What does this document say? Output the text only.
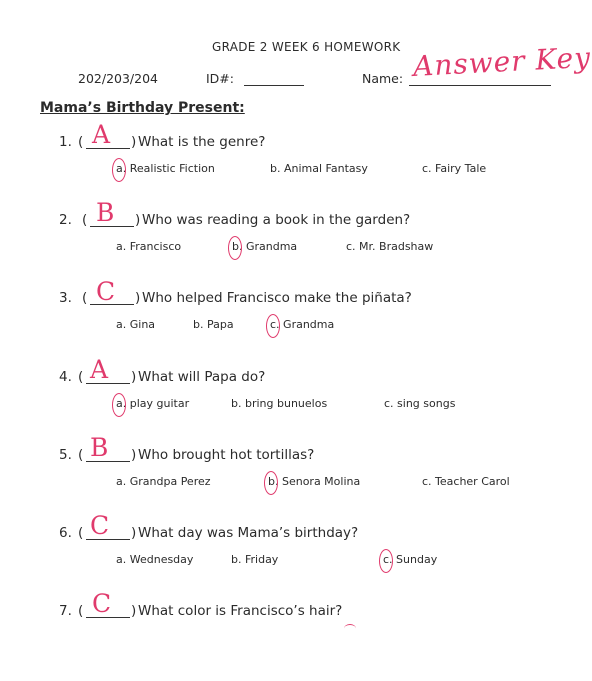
GRADE 2 WEEK 6 HOMEWORK
202/203/204	ID#:	Name: Answer Key
Mama’s Birthday Present:
1. (	)
A What is the genre?
a. Realistic Fiction	b. Animal Fantasy	c. Fairy Tale
2. (	)
B Who was reading a book in the garden?
a. Francisco	b. Grandma	c. Mr. Bradshaw
3. (	)
C Who helped Francisco make the piñata?
a. Gina	b. Papa	c. Grandma
4. (	)
A What will Papa do?
a. play guitar	b. bring bunuelos	c. sing songs
5. (	)
B Who brought hot tortillas?
a. Grandpa Perez	b. Senora Molina	c. Teacher Carol
6. (	)
C What day was Mama’s birthday?
a. Wednesday	b. Friday	c. Sunday
7. (	)
C What color is Francisco’s hair?
